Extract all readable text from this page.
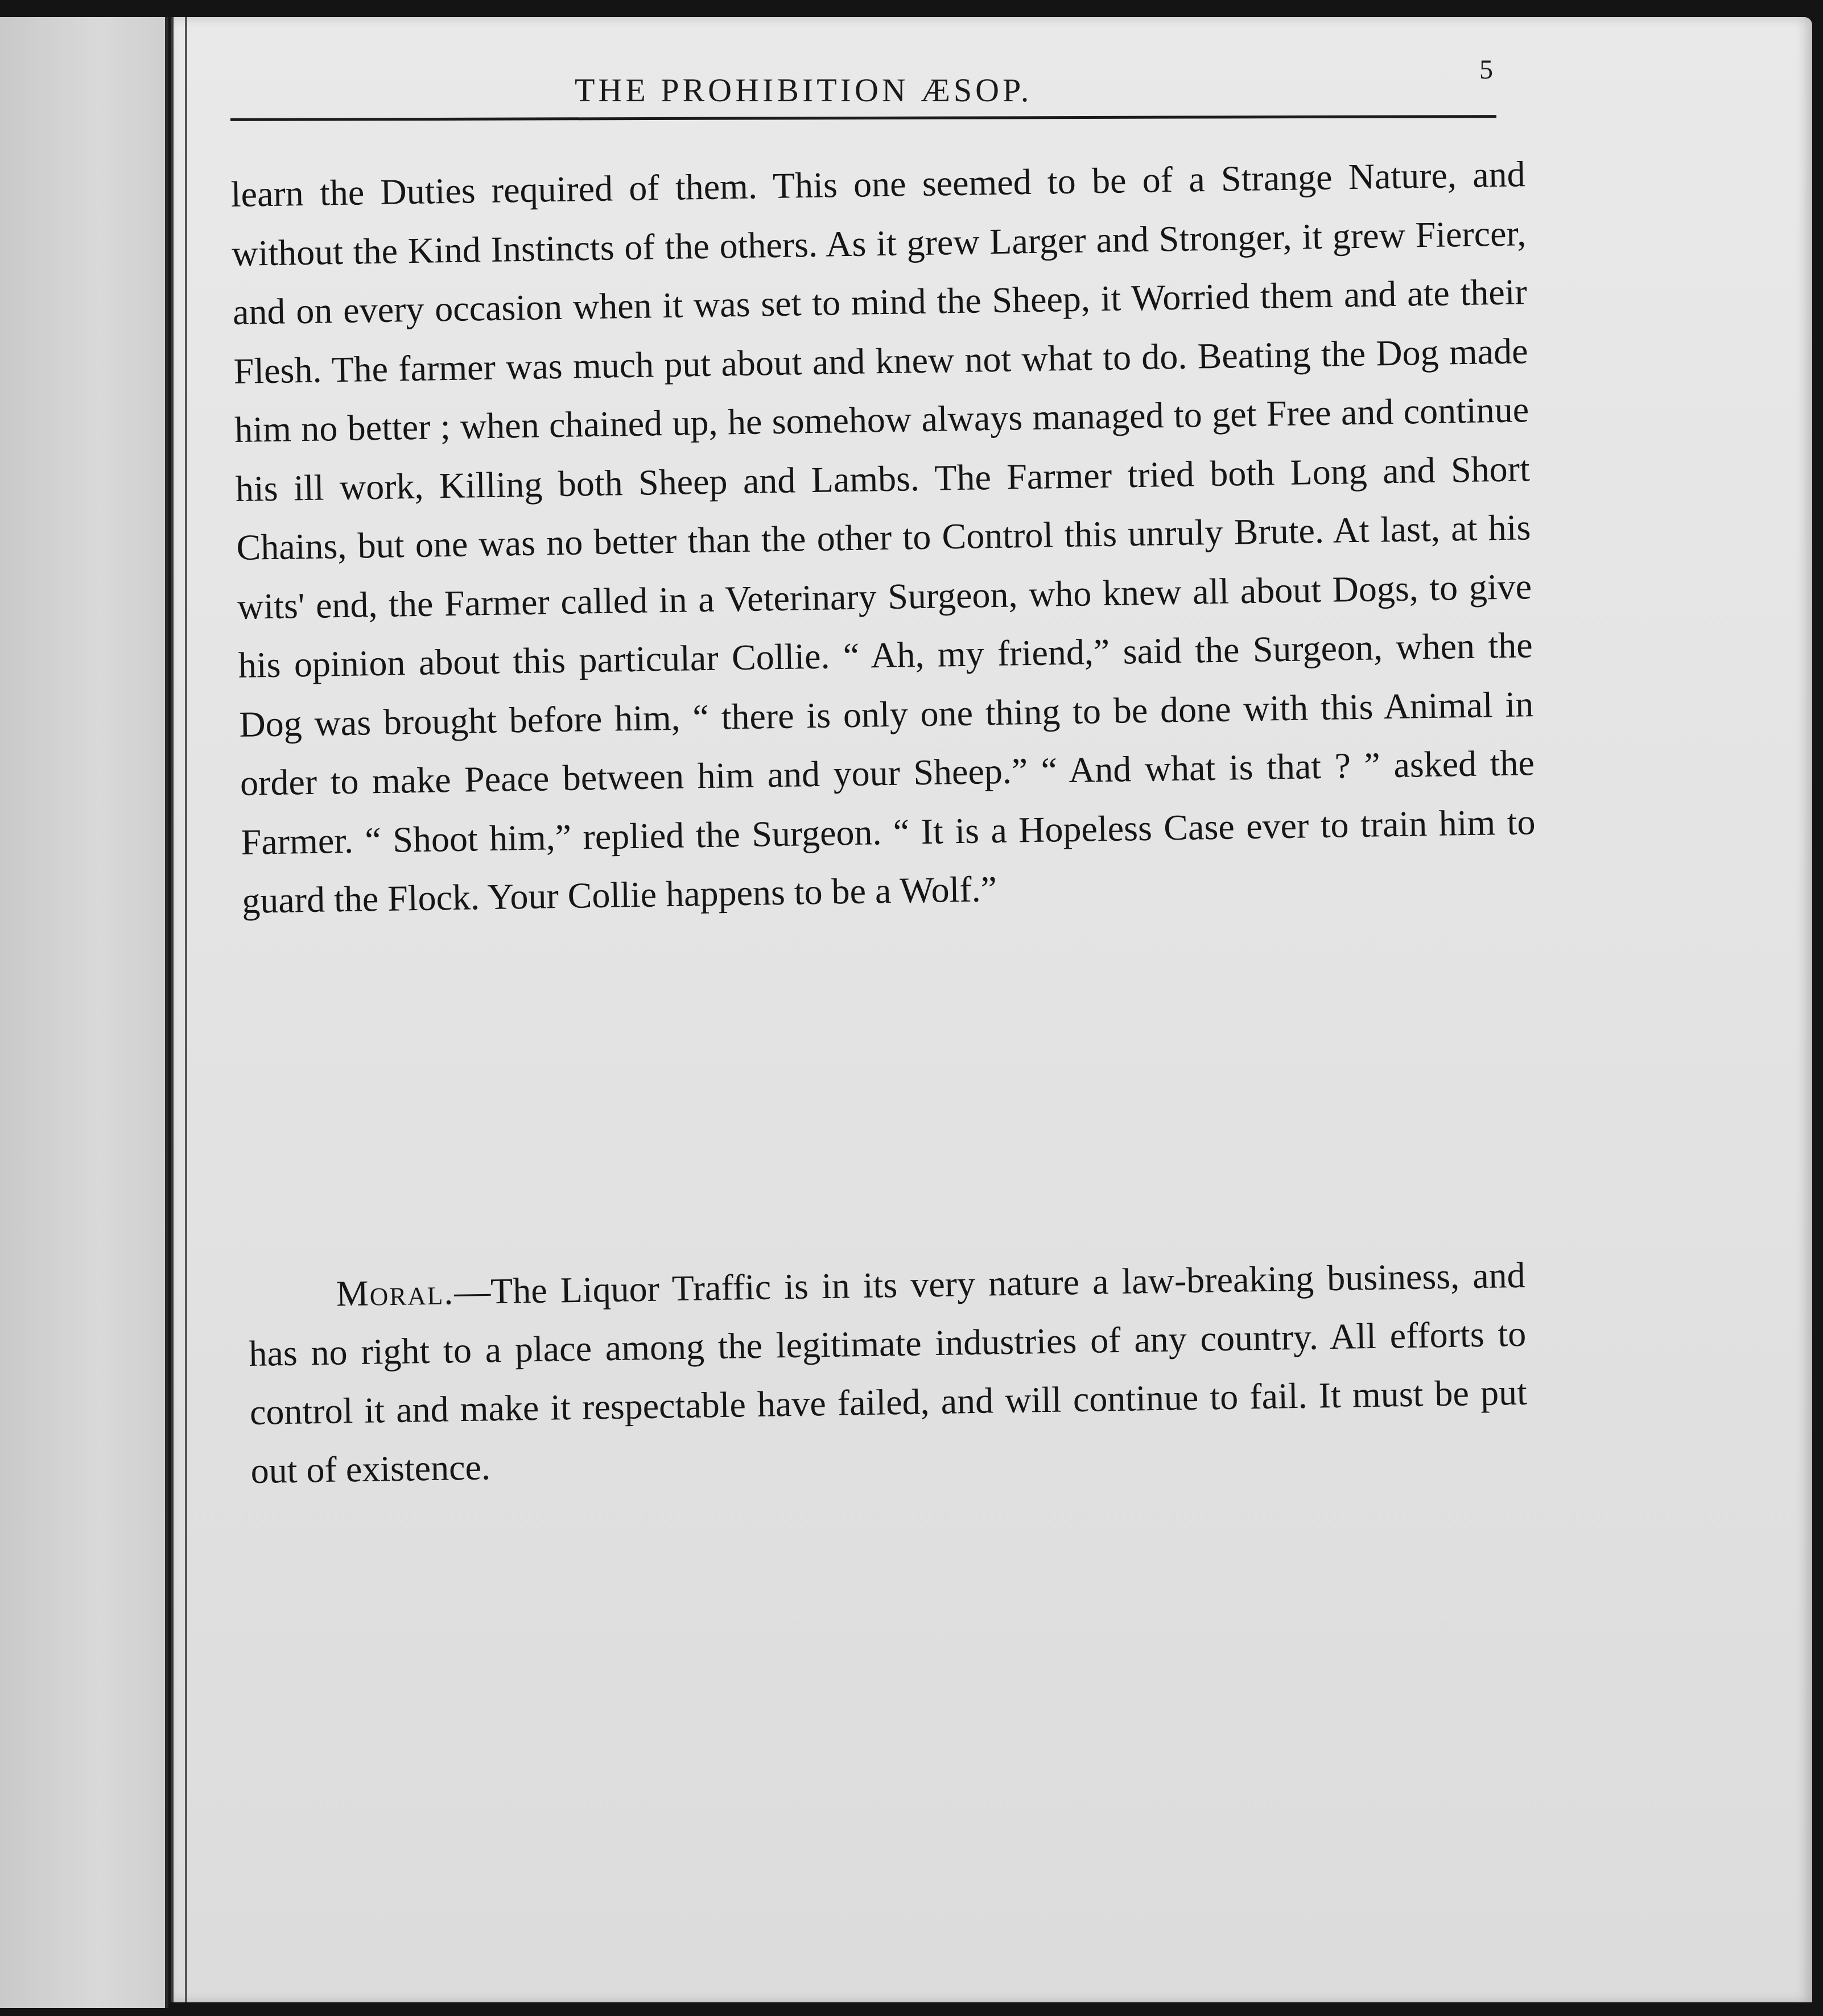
THE PROHIBITION ÆSOP.
5

learn the Duties required of them. This one seemed to be of a Strange Nature, and without the Kind Instincts of the others. As it grew Larger and Stronger, it grew Fiercer, and on every occasion when it was set to mind the Sheep, it Worried them and ate their Flesh. The farmer was much put about and knew not what to do. Beating the Dog made him no better ; when chained up, he somehow always managed to get Free and continue his ill work, Killing both Sheep and Lambs. The Farmer tried both Long and Short Chains, but one was no better than the other to Control this unruly Brute. At last, at his wits' end, the Farmer called in a Veterinary Surgeon, who knew all about Dogs, to give his opinion about this particular Collie. “ Ah, my friend,” said the Surgeon, when the Dog was brought before him, “ there is only one thing to be done with this Animal in order to make Peace between him and your Sheep.” “ And what is that ? ” asked the Farmer. “ Shoot him,” replied the Surgeon. “ It is a Hopeless Case ever to train him to guard the Flock. Your Collie happens to be a Wolf.”

Moral.—The Liquor Traffic is in its very nature a law-breaking business, and has no right to a place among the legitimate industries of any country. All efforts to control it and make it respectable have failed, and will continue to fail. It must be put out of existence.
